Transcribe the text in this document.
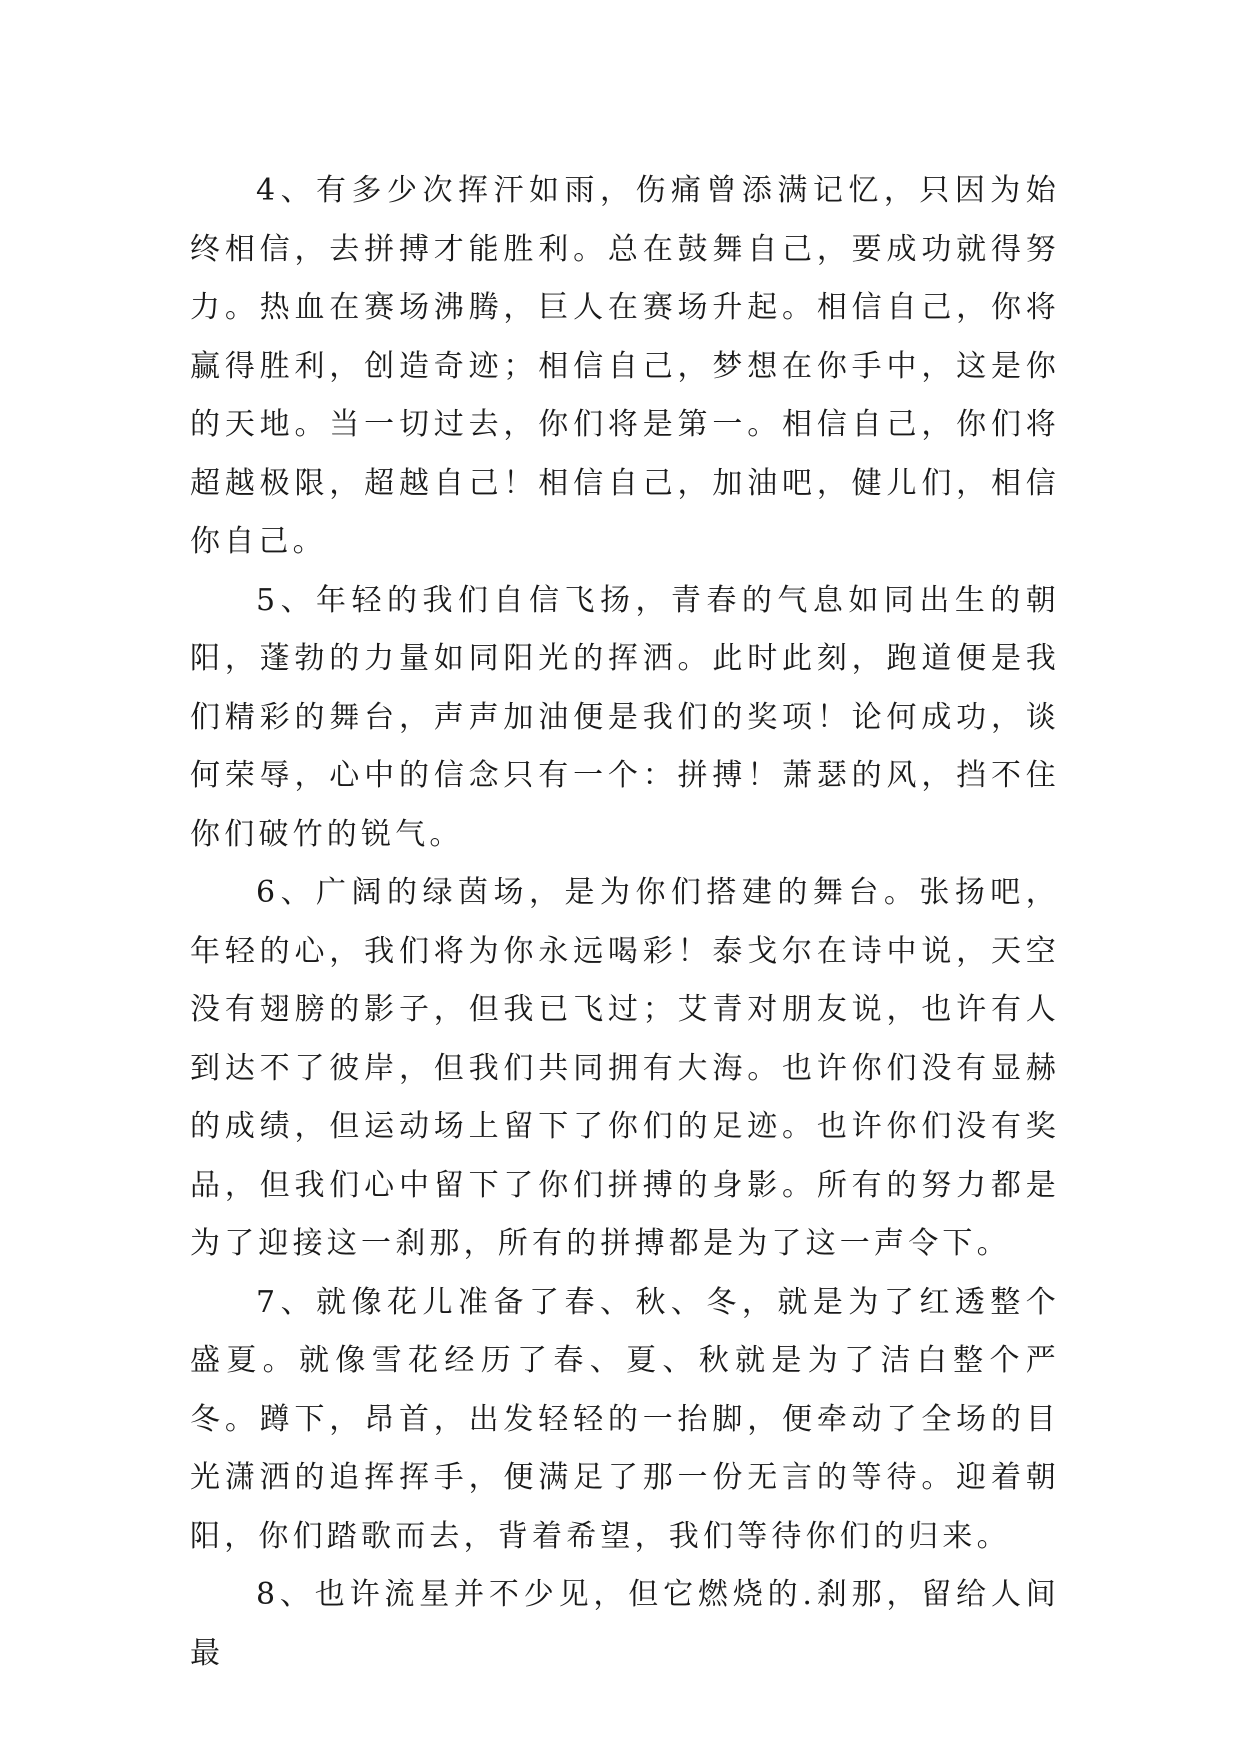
4、有多少次挥汗如雨，伤痛曾添满记忆，只因为始终相信，去拼搏才能胜利。总在鼓舞自己，要成功就得努力。热血在赛场沸腾，巨人在赛场升起。相信自己，你将赢得胜利，创造奇迹；相信自己，梦想在你手中，这是你的天地。当一切过去，你们将是第一。相信自己，你们将超越极限，超越自己！相信自己，加油吧，健儿们，相信你自己。

5、年轻的我们自信飞扬，青春的气息如同出生的朝阳，蓬勃的力量如同阳光的挥洒。此时此刻，跑道便是我们精彩的舞台，声声加油便是我们的奖项！论何成功，谈何荣辱，心中的信念只有一个：拼搏！萧瑟的风，挡不住你们破竹的锐气。

6、广阔的绿茵场，是为你们搭建的舞台。张扬吧，年轻的心，我们将为你永远喝彩！泰戈尔在诗中说，天空没有翅膀的影子，但我已飞过；艾青对朋友说，也许有人到达不了彼岸，但我们共同拥有大海。也许你们没有显赫的成绩，但运动场上留下了你们的足迹。也许你们没有奖品，但我们心中留下了你们拼搏的身影。所有的努力都是为了迎接这一刹那，所有的拼搏都是为了这一声令下。

7、就像花儿准备了春、秋、冬，就是为了红透整个盛夏。就像雪花经历了春、夏、秋就是为了洁白整个严冬。蹲下，昂首，出发轻轻的一抬脚，便牵动了全场的目光潇洒的追挥挥手，便满足了那一份无言的等待。迎着朝阳，你们踏歌而去，背着希望，我们等待你们的归来。

8、也许流星并不少见，但它燃烧的.刹那，留给人间最
